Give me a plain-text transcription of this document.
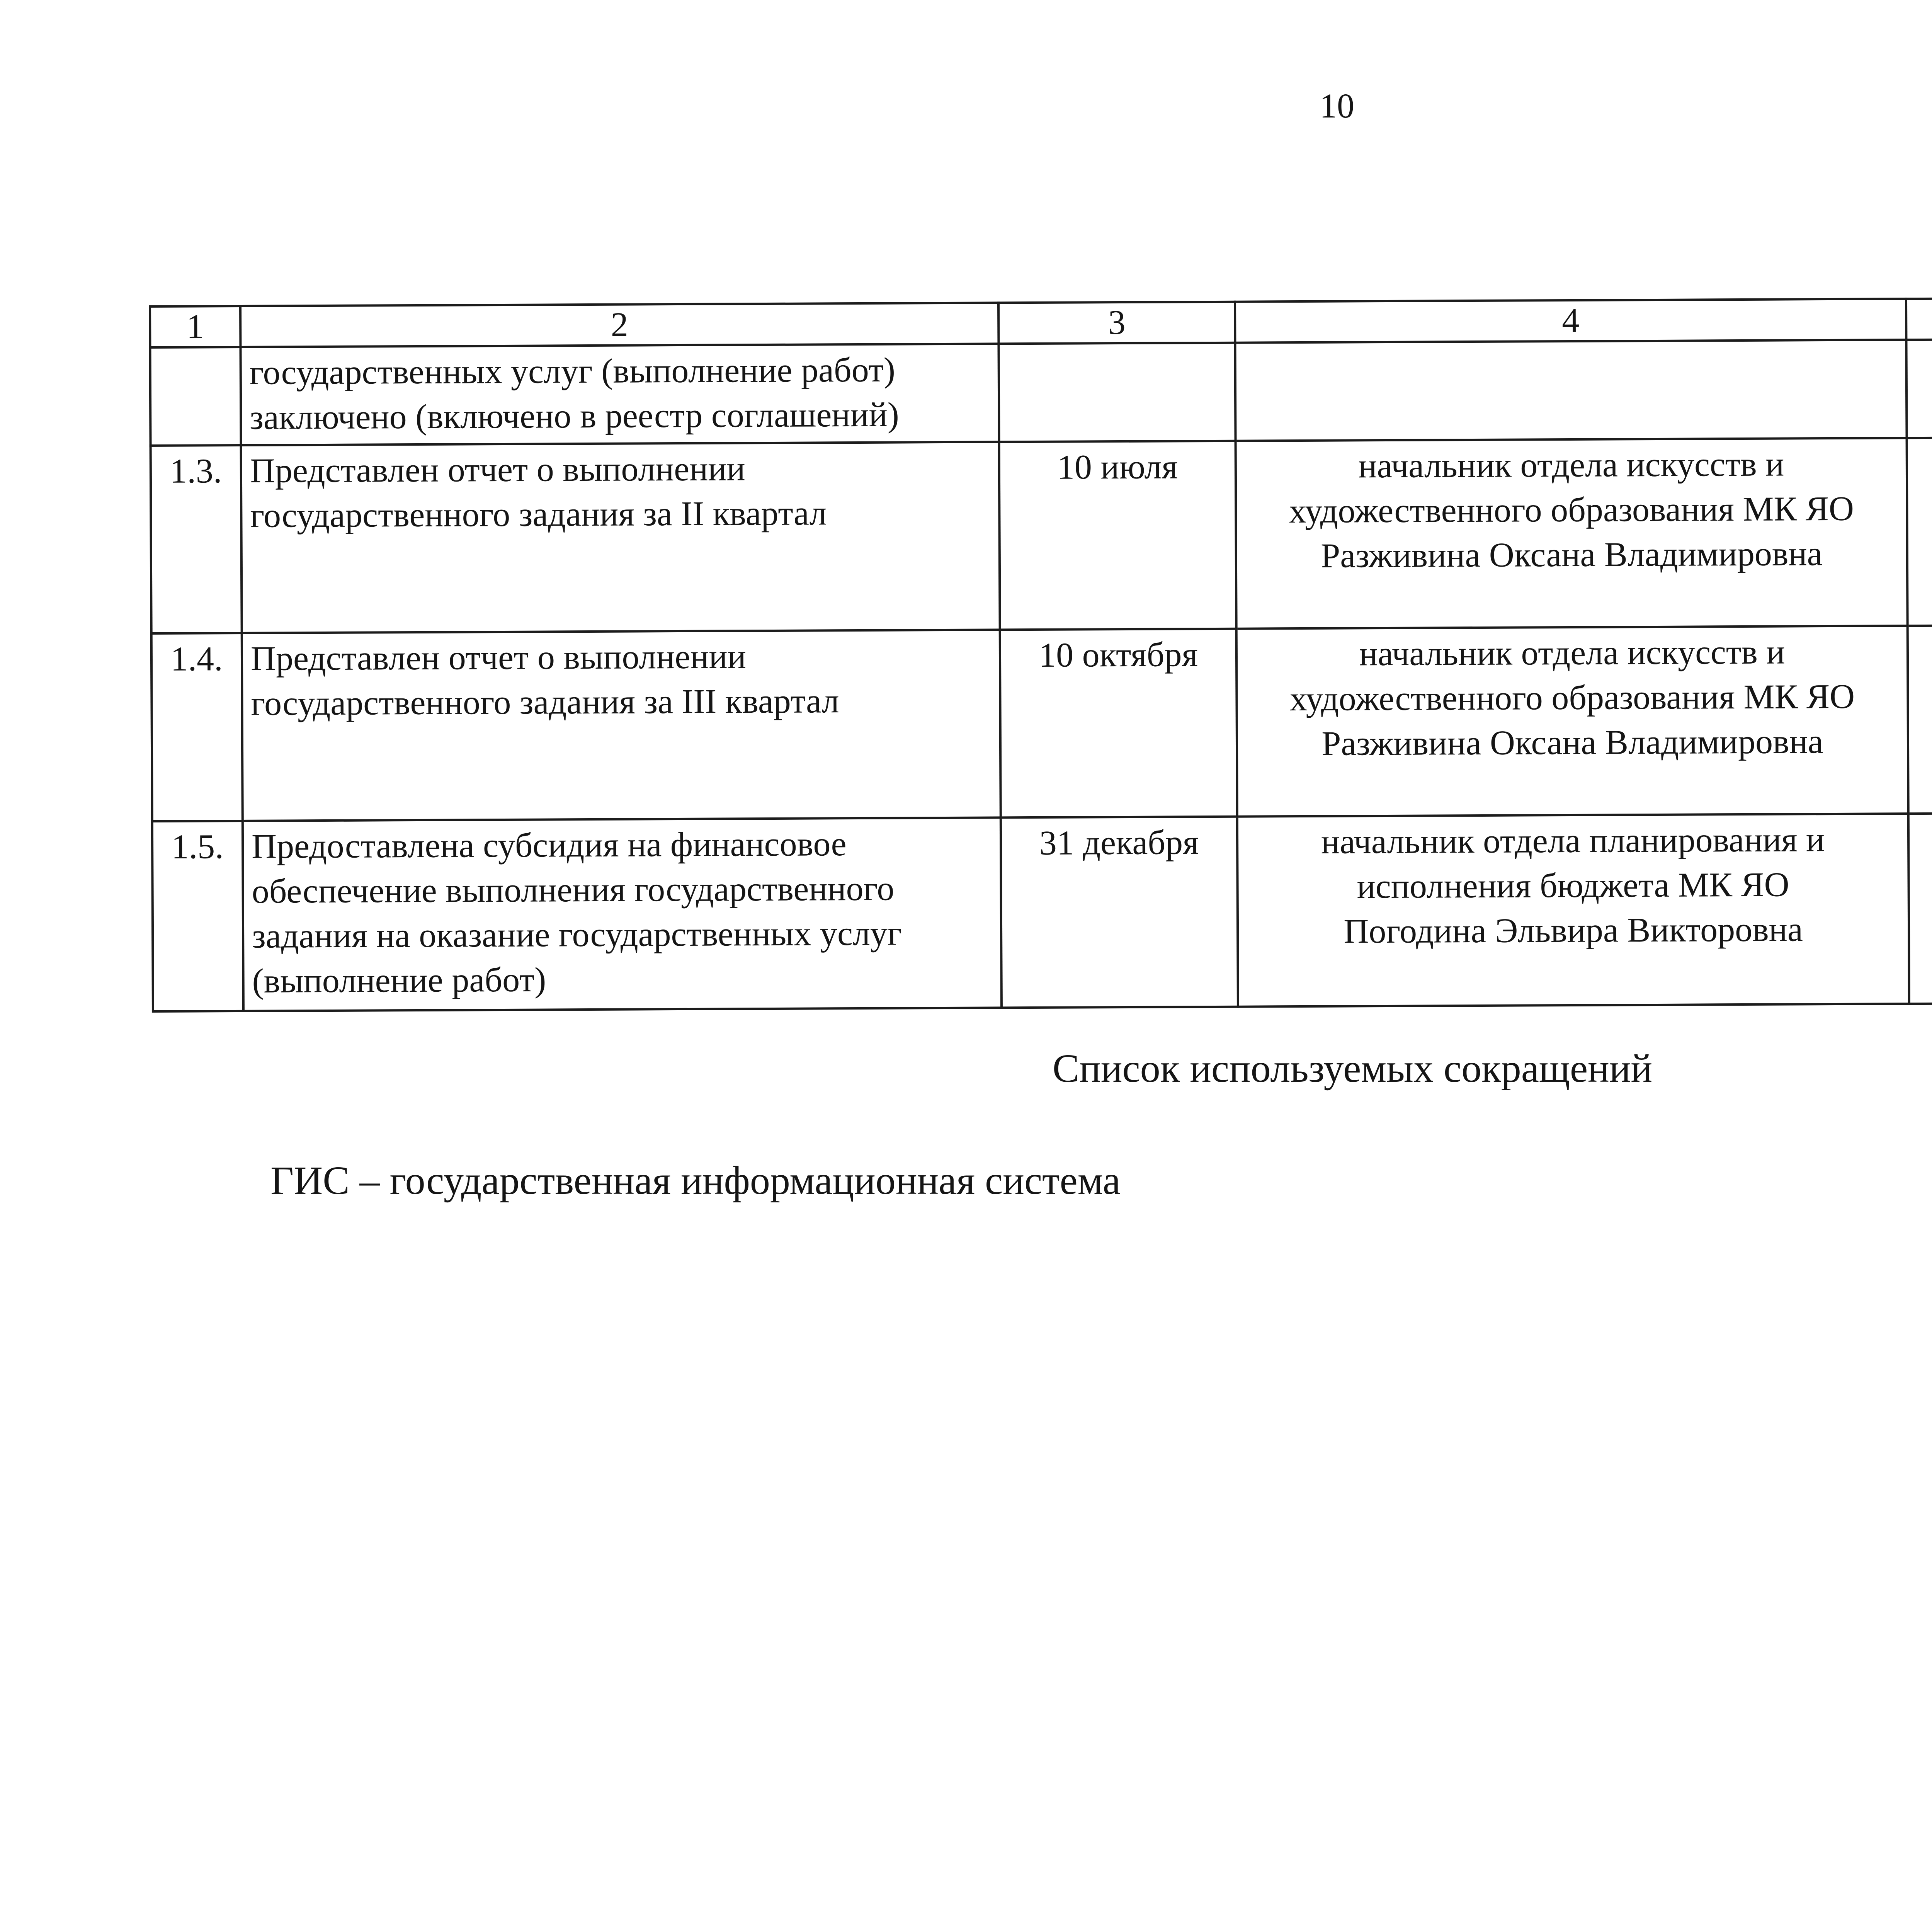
10
1	2	3	4		
	государственных услуг (выполнение работ)
заключено (включено в реестр соглашений)				
1.3.	Представлен отчет о выполнении
государственного задания за II квартал	10 июля	начальник отдела искусств и
художественного образования МК ЯО
Разживина Оксана Владимировна		
1.4.	Представлен отчет о выполнении
государственного задания за III квартал	10 октября	начальник отдела искусств и
художественного образования МК ЯО
Разживина Оксана Владимировна		
1.5.	Предоставлена субсидия на финансовое
обеспечение выполнения государственного
задания на оказание государственных услуг
(выполнение работ)	31 декабря	начальник отдела планирования и
исполнения бюджета МК ЯО
Погодина Эльвира Викторовна		
Список используемых сокращений
ГИС – государственная информационная система
